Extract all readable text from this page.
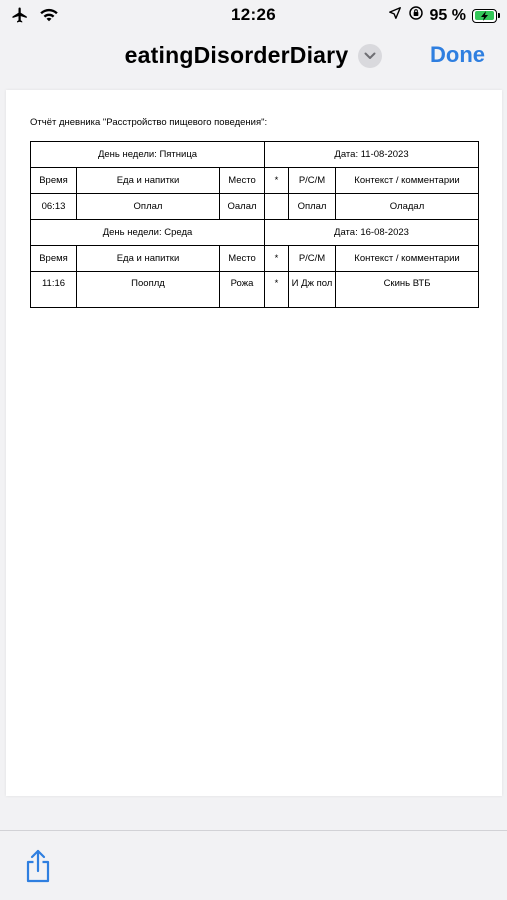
12:26	95 %
eatingDisorderDiary	Done
Отчёт дневника "Расстройство пищевого поведения":
День недели: Пятница			Дата: 11-08-2023		
Время	Еда и напитки	Место	*	Р/С/М	Контекст / комментарии
06:13	Оплал	Оалал		Оплал	Оладал
День недели: Среда			Дата: 16-08-2023		
Время	Еда и напитки	Место	*	Р/С/М	Контекст / комментарии
11:16	Пооплд	Рожа	*	И Дж пол	Скинь ВТБ
